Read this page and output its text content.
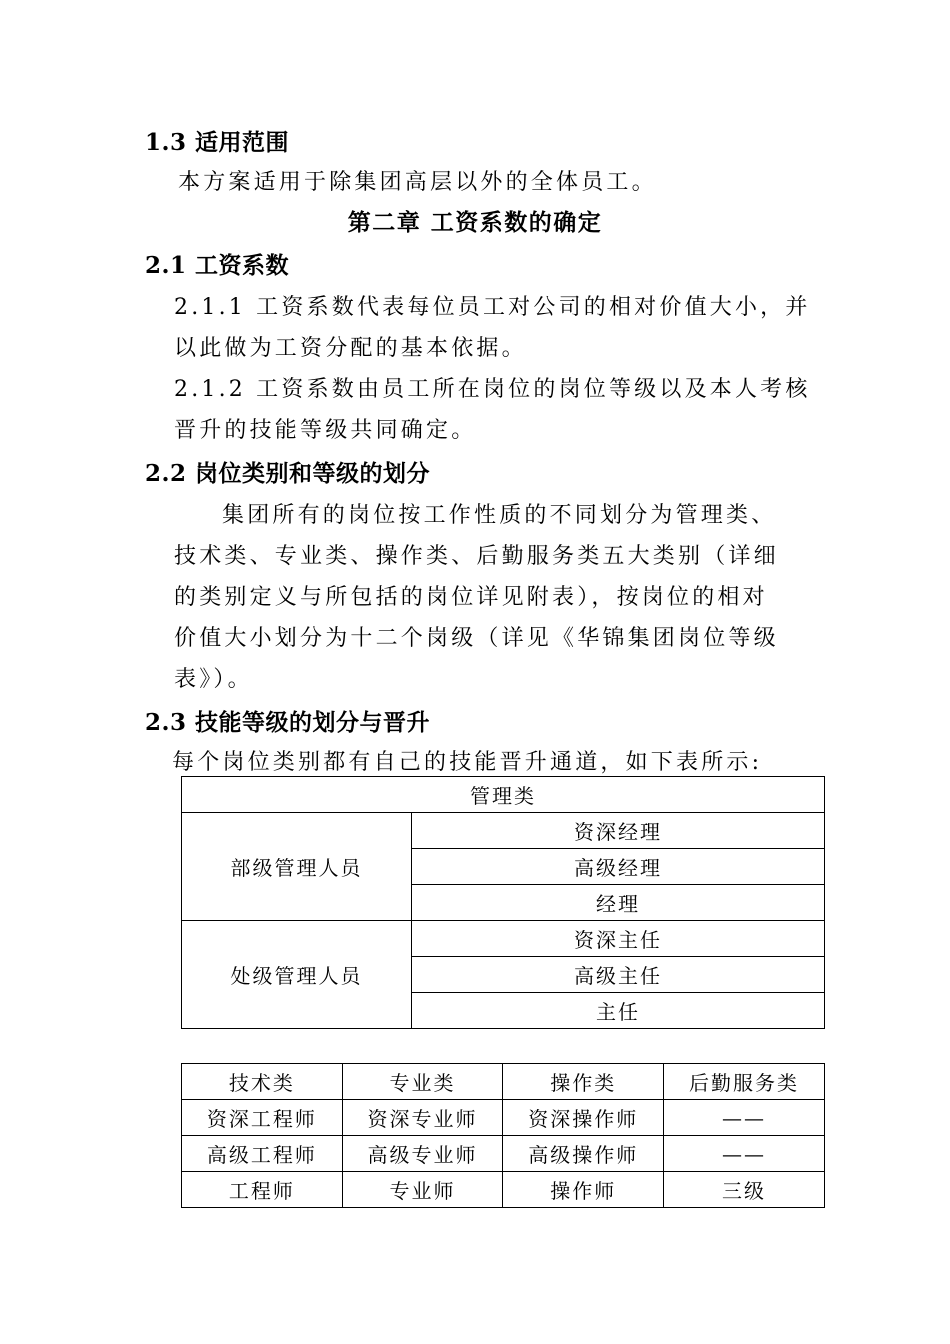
1.3 适用范围
本方案适用于除集团高层以外的全体员工。
第二章 工资系数的确定
2.1 工资系数
2.1.1 工资系数代表每位员工对公司的相对价值大小，并
以此做为工资分配的基本依据。
2.1.2 工资系数由员工所在岗位的岗位等级以及本人考核
晋升的技能等级共同确定。
2.2 岗位类别和等级的划分
集团所有的岗位按工作性质的不同划分为管理类、
技术类、专业类、操作类、后勤服务类五大类别（详细
的类别定义与所包括的岗位详见附表），按岗位的相对
价值大小划分为十二个岗级（详见《华锦集团岗位等级
表》）。
2.3 技能等级的划分与晋升
每个岗位类别都有自己的技能晋升通道，如下表所示:
管理类	
部级管理人员	资深经理
	高级经理
	经理
处级管理人员	资深主任
	高级主任
	主任
技术类	专业类	操作类	后勤服务类
资深工程师	资深专业师	资深操作师	——
高级工程师	高级专业师	高级操作师	——
工程师	专业师	操作师	三级
